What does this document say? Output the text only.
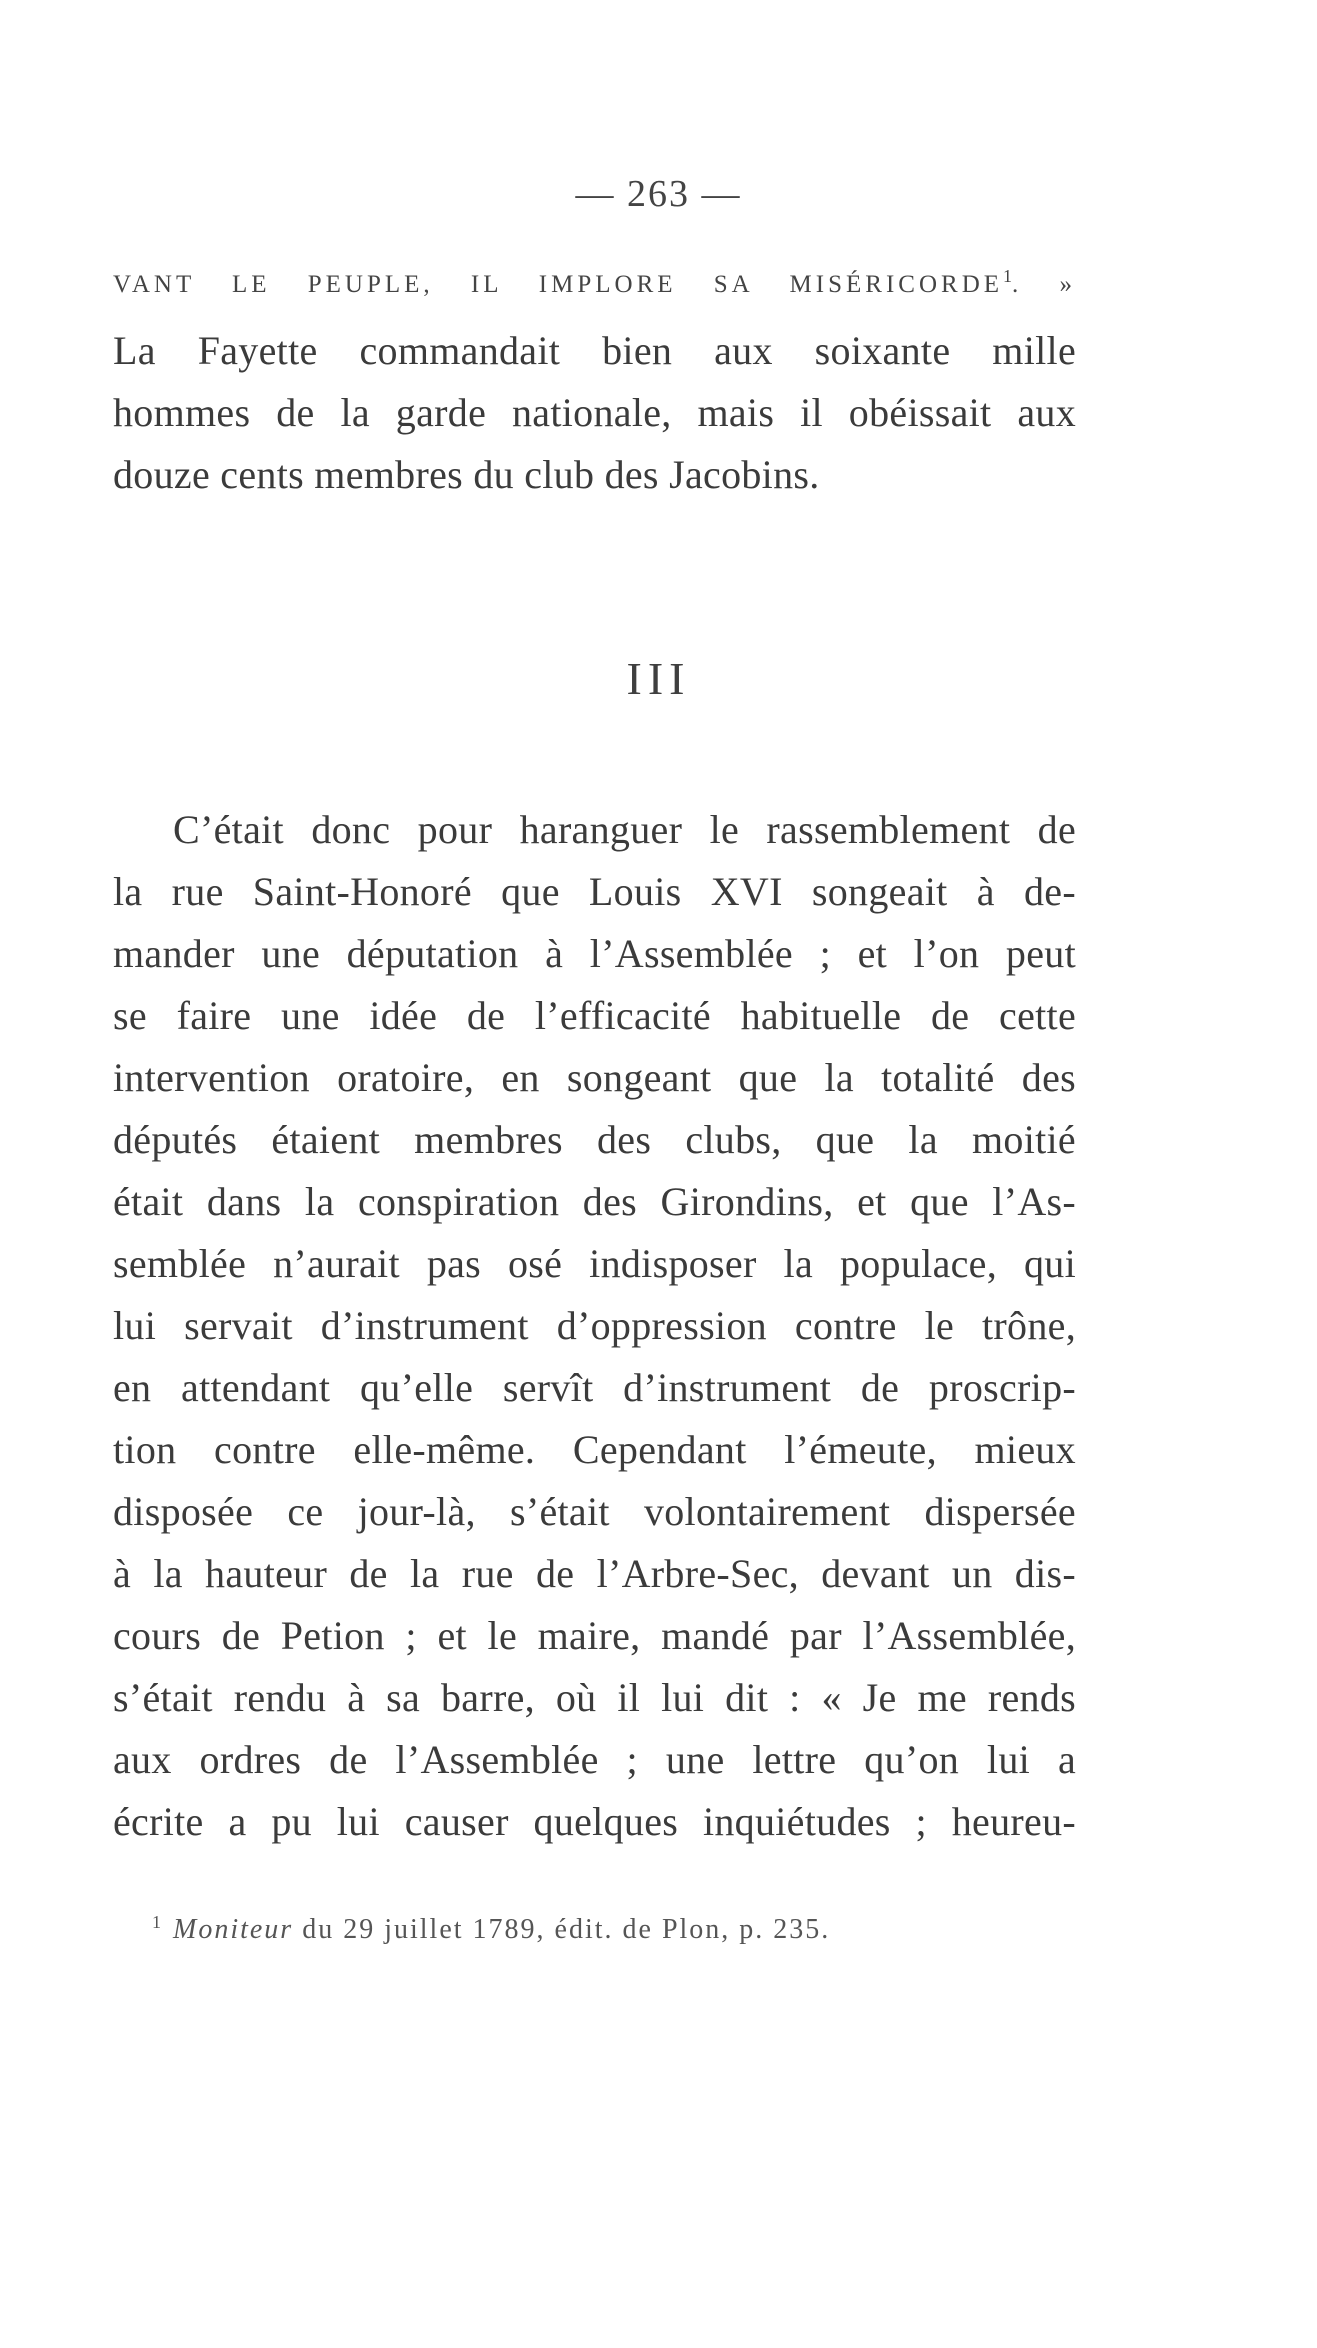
— 263 —
VANT LE PEUPLE, IL IMPLORE SA MISÉRICORDE$^1$. »

La Fayette commandait bien aux soixante mille

hommes de la garde nationale, mais il obéissait aux

douze cents membres du club des Jacobins.

III

C’était donc pour haranguer le rassemblement de

la rue Saint-Honoré que Louis XVI songeait à de-

mander une députation à l’Assemblée ; et l’on peut

se faire une idée de l’efficacité habituelle de cette

intervention oratoire, en songeant que la totalité des

députés étaient membres des clubs, que la moitié

était dans la conspiration des Girondins, et que l’As-

semblée n’aurait pas osé indisposer la populace, qui

lui servait d’instrument d’oppression contre le trône,

en attendant qu’elle servît d’instrument de proscrip-

tion contre elle-même. Cependant l’émeute, mieux

disposée ce jour-là, s’était volontairement dispersée

à la hauteur de la rue de l’Arbre-Sec, devant un dis-

cours de Petion ; et le maire, mandé par l’Assemblée,

s’était rendu à sa barre, où il lui dit : « Je me rends

aux ordres de l’Assemblée ; une lettre qu’on lui a

écrite a pu lui causer quelques inquiétudes ; heureu-

$^1$ Moniteur du 29 juillet 1789, édit. de Plon, p. 235.
